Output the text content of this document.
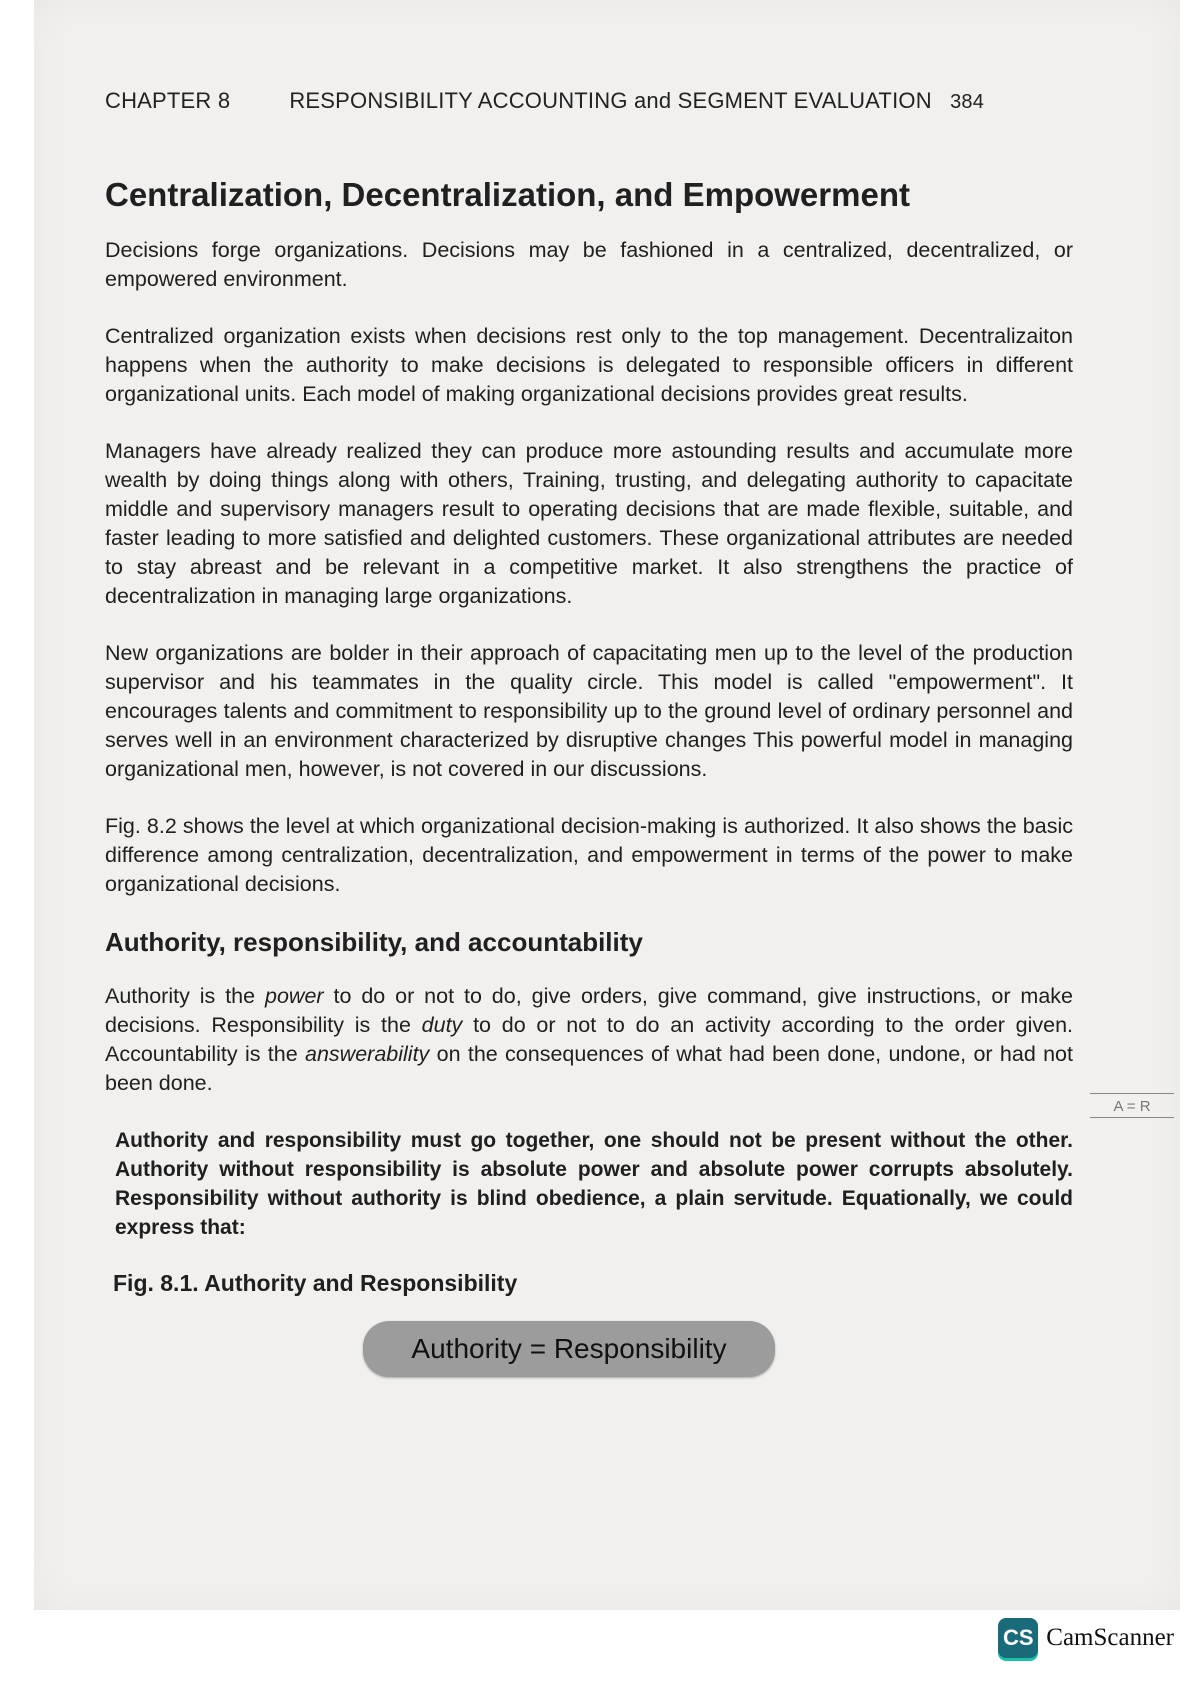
CHAPTER 8	RESPONSIBILITY ACCOUNTING and SEGMENT EVALUATION 384
Centralization, Decentralization, and Empowerment

Decisions forge organizations. Decisions may be fashioned in a centralized, decentralized, or empowered environment.

Centralized organization exists when decisions rest only to the top management. Decentralizaiton happens when the authority to make decisions is delegated to responsible officers in different organizational units. Each model of making organizational decisions provides great results.

Managers have already realized they can produce more astounding results and accumulate more wealth by doing things along with others, Training, trusting, and delegating authority to capacitate middle and supervisory managers result to operating decisions that are made flexible, suitable, and faster leading to more satisfied and delighted customers. These organizational attributes are needed to stay abreast and be relevant in a competitive market. It also strengthens the practice of decentralization in managing large organizations.

New organizations are bolder in their approach of capacitating men up to the level of the production supervisor and his teammates in the quality circle. This model is called "empowerment". It encourages talents and commitment to responsibility up to the ground level of ordinary personnel and serves well in an environment characterized by disruptive changes This powerful model in managing organizational men, however, is not covered in our discussions.

Fig. 8.2 shows the level at which organizational decision-making is authorized. It also shows the basic difference among centralization, decentralization, and empowerment in terms of the power to make organizational decisions.

Authority, responsibility, and accountability

Authority is the power to do or not to do, give orders, give command, give instructions, or make decisions. Responsibility is the duty to do or not to do an activity according to the order given. Accountability is the answerability on the consequences of what had been done, undone, or had not been done.

Authority and responsibility must go together, one should not be present without the other. Authority without responsibility is absolute power and absolute power corrupts absolutely. Responsibility without authority is blind obedience, a plain servitude. Equationally, we could express that:

Fig. 8.1. Authority and Responsibility
Authority = Responsibility
A = R
CS CamScanner
